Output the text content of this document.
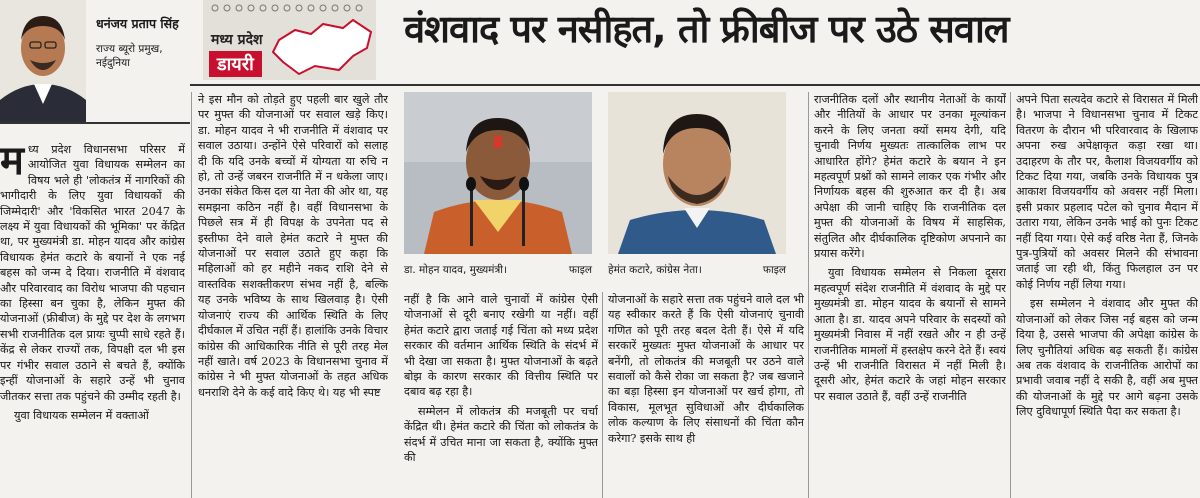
धनंजय प्रताप सिंह
राज्य ब्यूरो प्रमुख,
नईदुनिया
मध्य प्रदेश
डायरी
वंशवाद पर नसीहत, तो फ्रीबीज पर उठे सवाल
म ध्य प्रदेश विधानसभा परिसर में आयोजित युवा विधायक सम्मेलन का विषय भले ही 'लोकतंत्र में नागरिकों की भागीदारी के लिए युवा विधायकों की जिम्मेदारी' और 'विकसित भारत 2047 के लक्ष्य में युवा विधायकों की भूमिका' पर केंद्रित था, पर मुख्यमंत्री डा. मोहन यादव और कांग्रेस विधायक हेमंत कटारे के बयानों ने एक नई बहस को जन्म दे दिया। राजनीति में वंशवाद और परिवारवाद का विरोध भाजपा की पहचान का हिस्सा बन चुका है, लेकिन मुफ्त की योजनाओं (फ्रीबीज) के मुद्दे पर देश के लगभग सभी राजनीतिक दल प्रायः चुप्पी साधे रहते हैं। केंद्र से लेकर राज्यों तक, विपक्षी दल भी इस पर गंभीर सवाल उठाने से बचते हैं, क्योंकि इन्हीं योजनाओं के सहारे उन्हें भी चुनाव जीतकर सत्ता तक पहुंचने की उम्मीद रहती है।

युवा विधायक सम्मेलन में वक्ताओं

ने इस मौन को तोड़ते हुए पहली बार खुले तौर पर मुफ्त की योजनाओं पर सवाल खड़े किए। डा. मोहन यादव ने भी राजनीति में वंशवाद पर सवाल उठाया। उन्होंने ऐसे परिवारों को सलाह दी कि यदि उनके बच्चों में योग्यता या रुचि न हो, तो उन्हें जबरन राजनीति में न धकेला जाए। उनका संकेत किस दल या नेता की ओर था, यह समझना कठिन नहीं है। वहीं विधानसभा के पिछले सत्र में ही विपक्ष के उपनेता पद से इस्तीफा देने वाले हेमंत कटारे ने मुफ्त की योजनाओं पर सवाल उठाते हुए कहा कि महिलाओं को हर महीने नकद राशि देने से वास्तविक सशक्तीकरण संभव नहीं है, बल्कि यह उनके भविष्य के साथ खिलवाड़ है। ऐसी योजनाएं राज्य की आर्थिक स्थिति के लिए दीर्घकाल में उचित नहीं हैं। हालांकि उनके विचार कांग्रेस की आधिकारिक नीति से पूरी तरह मेल नहीं खाते। वर्ष 2023 के विधानसभा चुनाव में कांग्रेस ने भी मुफ्त योजनाओं के तहत अधिक धनराशि देने के कई वादे किए थे। यह भी स्पष्ट

डा. मोहन यादव, मुख्यमंत्री।	फाइल हेमंत कटारे, कांग्रेस नेता।	फाइल

नहीं है कि आने वाले चुनावों में कांग्रेस ऐसी योजनाओं से दूरी बनाए रखेगी या नहीं। वहीं हेमंत कटारे द्वारा जताई गई चिंता को मध्य प्रदेश सरकार की वर्तमान आर्थिक स्थिति के संदर्भ में भी देखा जा सकता है। मुफ्त योजनाओं के बढ़ते बोझ के कारण सरकार की वित्तीय स्थिति पर दबाव बढ़ रहा है।

सम्मेलन में लोकतंत्र की मजबूती पर चर्चा केंद्रित थी। हेमंत कटारे की चिंता को लोकतंत्र के संदर्भ में उचित माना जा सकता है, क्योंकि मुफ्त की

योजनाओं के सहारे सत्ता तक पहुंचने वाले दल भी यह स्वीकार करते हैं कि ऐसी योजनाएं चुनावी गणित को पूरी तरह बदल देती हैं। ऐसे में यदि सरकारें मुख्यतः मुफ्त योजनाओं के आधार पर बनेंगी, तो लोकतंत्र की मजबूती पर उठने वाले सवालों को कैसे रोका जा सकता है? जब खजाने का बड़ा हिस्सा इन योजनाओं पर खर्च होगा, तो विकास, मूलभूत सुविधाओं और दीर्घकालिक लोक कल्याण के लिए संसाधनों की चिंता कौन करेगा? इसके साथ ही

राजनीतिक दलों और स्थानीय नेताओं के कार्यों और नीतियों के आधार पर उनका मूल्यांकन करने के लिए जनता क्यों समय देगी, यदि चुनावी निर्णय मुख्यतः तात्कालिक लाभ पर आधारित होंगे? हेमंत कटारे के बयान ने इन महत्वपूर्ण प्रश्नों को सामने लाकर एक गंभीर और निर्णायक बहस की शुरुआत कर दी है। अब अपेक्षा की जानी चाहिए कि राजनीतिक दल मुफ्त की योजनाओं के विषय में साहसिक, संतुलित और दीर्घकालिक दृष्टिकोण अपनाने का प्रयास करेंगे।

युवा विधायक सम्मेलन से निकला दूसरा महत्वपूर्ण संदेश राजनीति में वंशवाद के मुद्दे पर मुख्यमंत्री डा. मोहन यादव के बयानों से सामने आता है। डा. यादव अपने परिवार के सदस्यों को मुख्यमंत्री निवास में नहीं रखते और न ही उन्हें राजनीतिक मामलों में हस्तक्षेप करने देते हैं। स्वयं उन्हें भी राजनीति विरासत में नहीं मिली है। दूसरी ओर, हेमंत कटारे के जहां मोहन सरकार पर सवाल उठाते हैं, वहीं उन्हें राजनीति

अपने पिता सत्यदेव कटारे से विरासत में मिली है। भाजपा ने विधानसभा चुनाव में टिकट वितरण के दौरान भी परिवारवाद के खिलाफ अपना रुख अपेक्षाकृत कड़ा रखा था। उदाहरण के तौर पर, कैलाश विजयवर्गीय को टिकट दिया गया, जबकि उनके विधायक पुत्र आकाश विजयवर्गीय को अवसर नहीं मिला। इसी प्रकार प्रहलाद पटेल को चुनाव मैदान में उतारा गया, लेकिन उनके भाई को पुनः टिकट नहीं दिया गया। ऐसे कई वरिष्ठ नेता हैं, जिनके पुत्र-पुत्रियों को अवसर मिलने की संभावना जताई जा रही थी, किंतु फिलहाल उन पर कोई निर्णय नहीं लिया गया।

इस सम्मेलन ने वंशवाद और मुफ्त की योजनाओं को लेकर जिस नई बहस को जन्म दिया है, उससे भाजपा की अपेक्षा कांग्रेस के लिए चुनौतियां अधिक बढ़ सकती हैं। कांग्रेस अब तक वंशवाद के राजनीतिक आरोपों का प्रभावी जवाब नहीं दे सकी है, वहीं अब मुफ्त की योजनाओं के मुद्दे पर आगे बढ़ना उसके लिए दुविधापूर्ण स्थिति पैदा कर सकता है।
